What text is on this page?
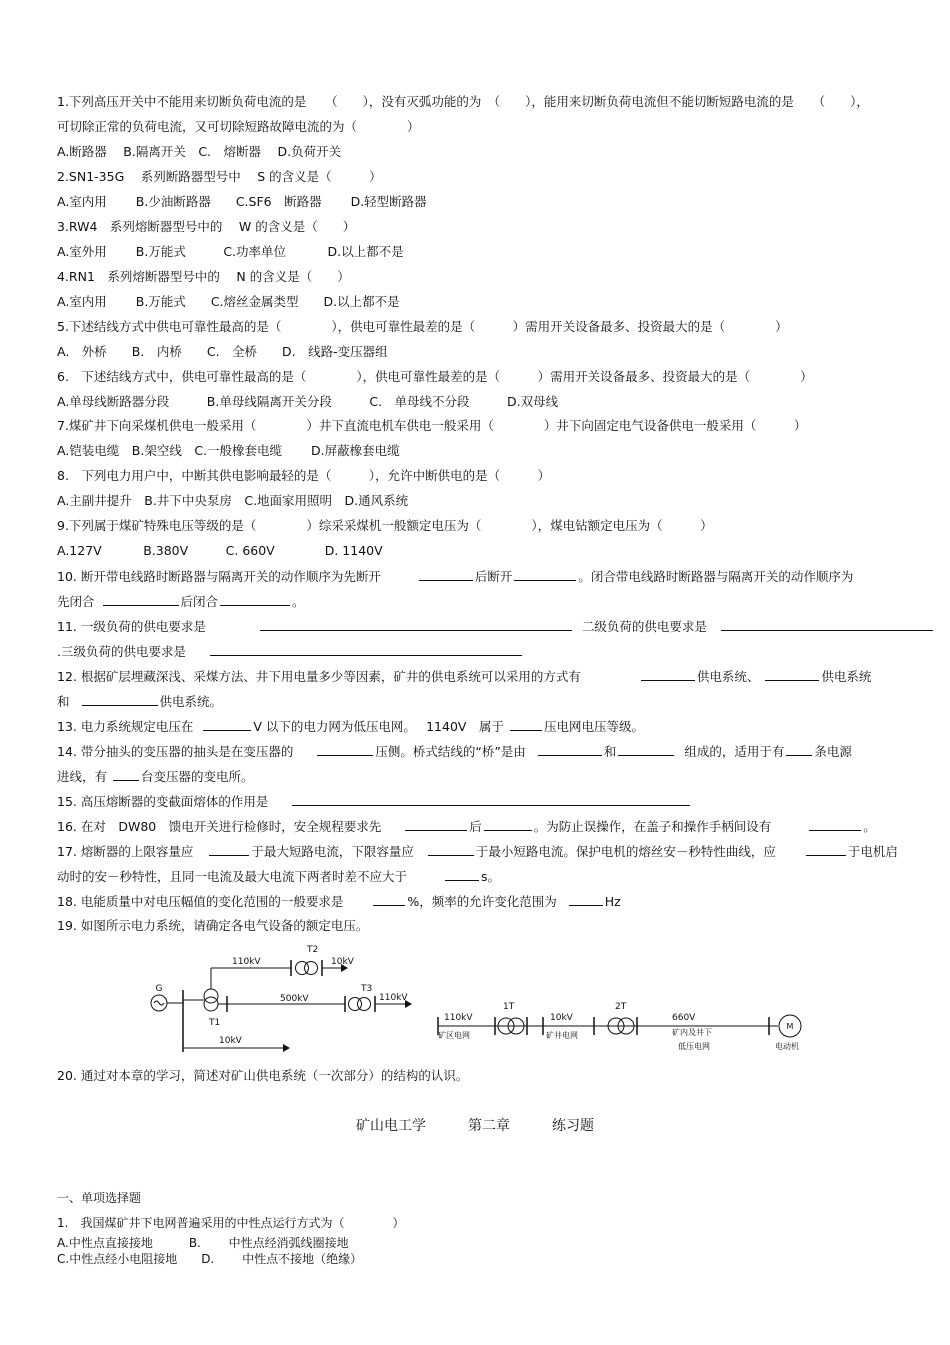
1.下列高压开关中不能用来切断负荷电流的是　　（　　），没有灭弧功能的为　（　　），能用来切断负荷电流但不能切断短路电流的是　　（　　），
可切除正常的负荷电流，又可切除短路故障电流的为（　　　　）
A.断路器　 B.隔离开关　C.　熔断器　 D.负荷开关
2.SN1-35G　 系列断路器型号中　 S 的含义是（　　　）
A.室内用　　 B.少油断路器　　C.SF6　断路器　　 D.轻型断路器
3.RW4　系列熔断器型号中的　 W 的含义是（　　）
A.室外用　　 B.万能式　　　C.功率单位　　　 D.以上都不是
4.RN1　系列熔断器型号中的　 N 的含义是（　　）
A.室内用　　 B.万能式　　C.熔丝金属类型　　D.以上都不是
5.下述结线方式中供电可靠性最高的是（　　　　），供电可靠性最差的是（　　　）需用开关设备最多、投资最大的是（　　　　）
A.　外桥　　B.　内桥　　C.　全桥　　D.　线路-变压器组
6.　下述结线方式中，供电可靠性最高的是（　　　　），供电可靠性最差的是（　　　）需用开关设备最多、投资最大的是（　　　　）
A.单母线断路器分段　　　B.单母线隔离开关分段　　　C.　单母线不分段　　　D.双母线
7.煤矿井下向采煤机供电一般采用（　　　　）井下直流电机车供电一般采用（　　　　）井下向固定电气设备供电一般采用（　　　）
A.铠装电缆　B.架空线　C.一般橡套电缆　　 D.屏蔽橡套电缆
8.　下列电力用户中，中断其供电影响最轻的是（　　　），允许中断供电的是（　　　）
A.主副井提升　B.井下中央泵房　C.地面家用照明　D.通风系统
9.下列属于煤矿特殊电压等级的是（　　　　）综采采煤机一般额定电压为（　　　　），煤电钻额定电压为（　　　）
A.127V　　　 B.380V　　　C. 660V　　　　D. 1140V
10. 断开带电线路时断路器与隔离开关的动作顺序为先断开	后断开	。闭合带电线路时断路器与隔离开关的动作顺序为
先闭合	后闭合	。
11. 一级负荷的供电要求是	二级负荷的供电要求是
.三级负荷的供电要求是
12. 根据矿层埋藏深浅、采煤方法、井下用电量多少等因素，矿井的供电系统可以采用的方式有	供电系统、	供电系统
和	供电系统。
13. 电力系统规定电压在	V 以下的电力网为低压电网。　 1140V　属于	压电网电压等级。
14. 带分抽头的变压器的抽头是在变压器的	压侧。桥式结线的“桥”是由	和	组成的，适用于有 条电源
进线，有	台变压器的变电所。
15. 高压熔断器的变截面熔体的作用是
16. 在对　DW80　馈电开关进行检修时，安全规程要求先	后	。为防止误操作，在盖子和操作手柄间设有	。
17. 熔断器的上限容量应	于最大短路电流，下限容量应	于最小短路电流。保护电机的熔丝安－秒特性曲线，应	于电机启
动时的安－秒特性，且同一电流及最大电流下两者时差不应大于	s。
18. 电能质量中对电压幅值的变化范围的一般要求是	%，频率的允许变化范围为	Hz
19. 如图所示电力系统，请确定各电气设备的额定电压。
G
T1
T2
T3
110kV	10kV
500kV	110kV
10kV
M
110kV
1T
10kV
2T
660V
矿区电网	矿井电网	矿内及井下
低压电网	电动机
20. 通过对本章的学习，简述对矿山供电系统（一次部分）的结构的认识。
矿山电工学　　　第二章　　　练习题
一、单项选择题
1.　我国煤矿井下电网普遍采用的中性点运行方式为（　　　　）
A.中性点直接接地　　　B.　　 中性点经消弧线圈接地
C.中性点经小电阻接地　　D.　　 中性点不接地（绝缘）
